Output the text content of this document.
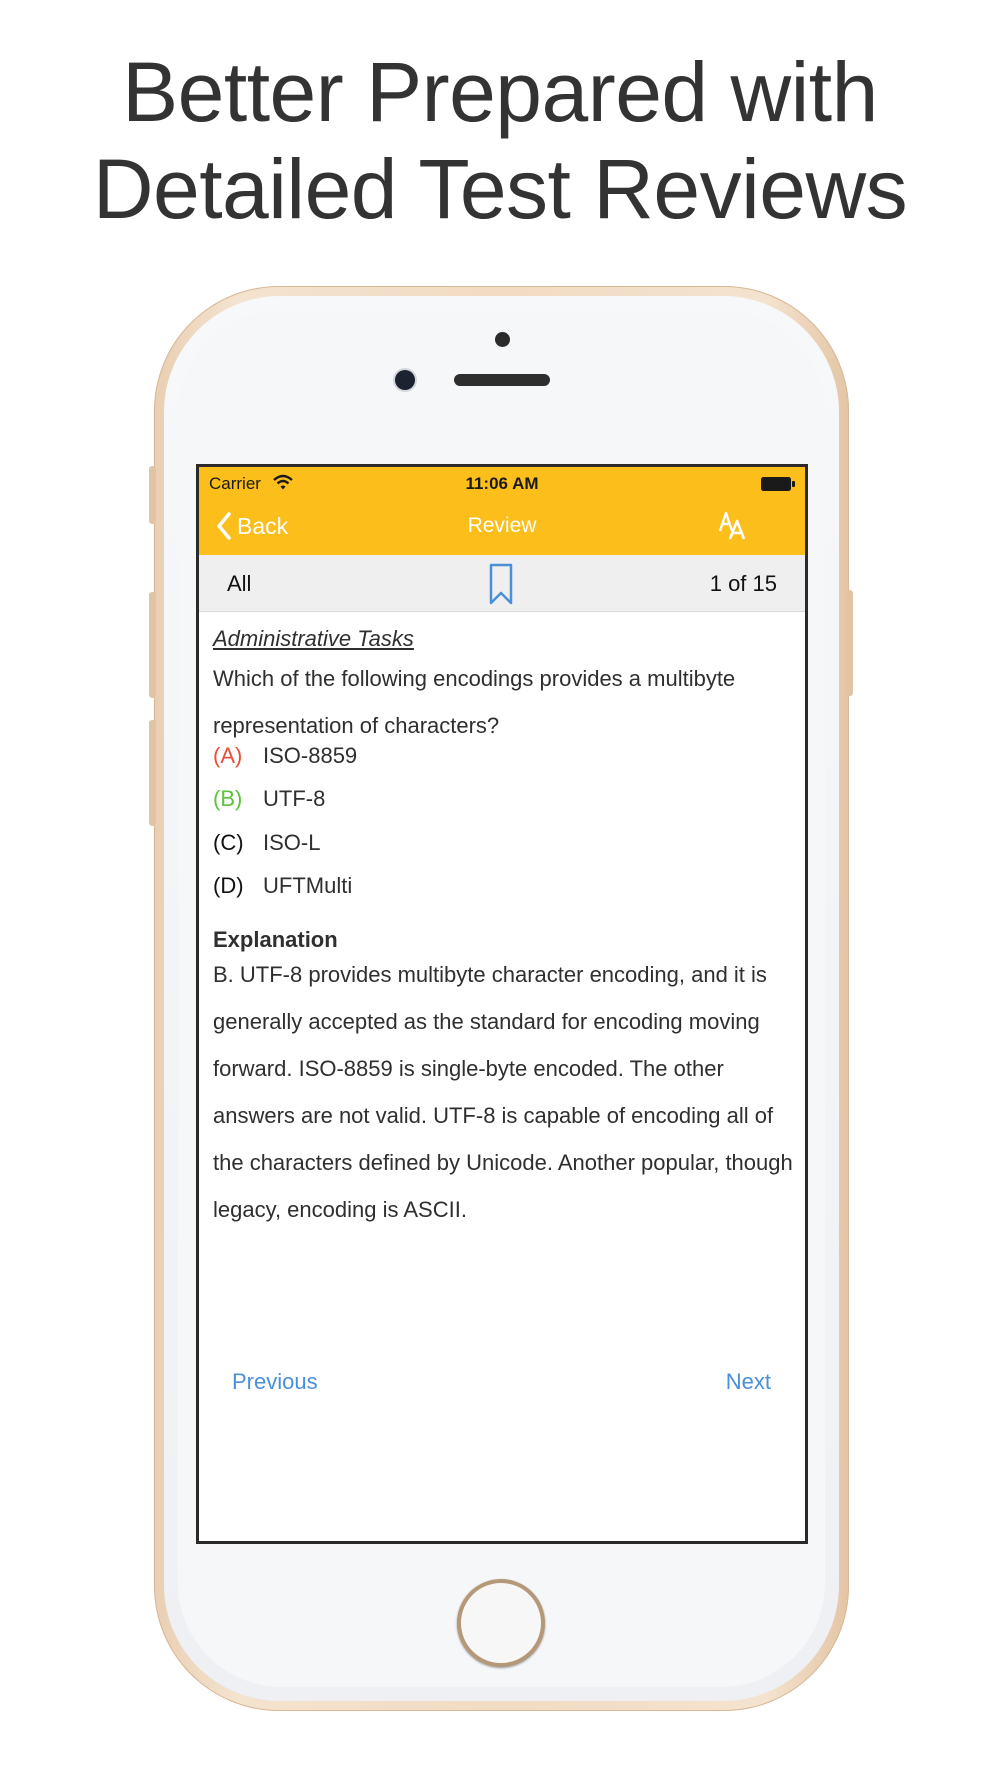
Better Prepared with
Detailed Test Reviews
Carrier	11:06 AM
Back	Review
All	1 of 15
Administrative Tasks
Which of the following encodings provides a multibyte representation of characters?
(A) ISO-8859
(B) UTF-8
(C) ISO-L
(D) UFTMulti
Explanation
B. UTF-8 provides multibyte character encoding, and it is generally accepted as the standard for encoding moving forward. ISO-8859 is single-byte encoded. The other answers are not valid. UTF-8 is capable of encoding all of the characters defined by Unicode. Another popular, though legacy, encoding is ASCII.
Previous	Next
